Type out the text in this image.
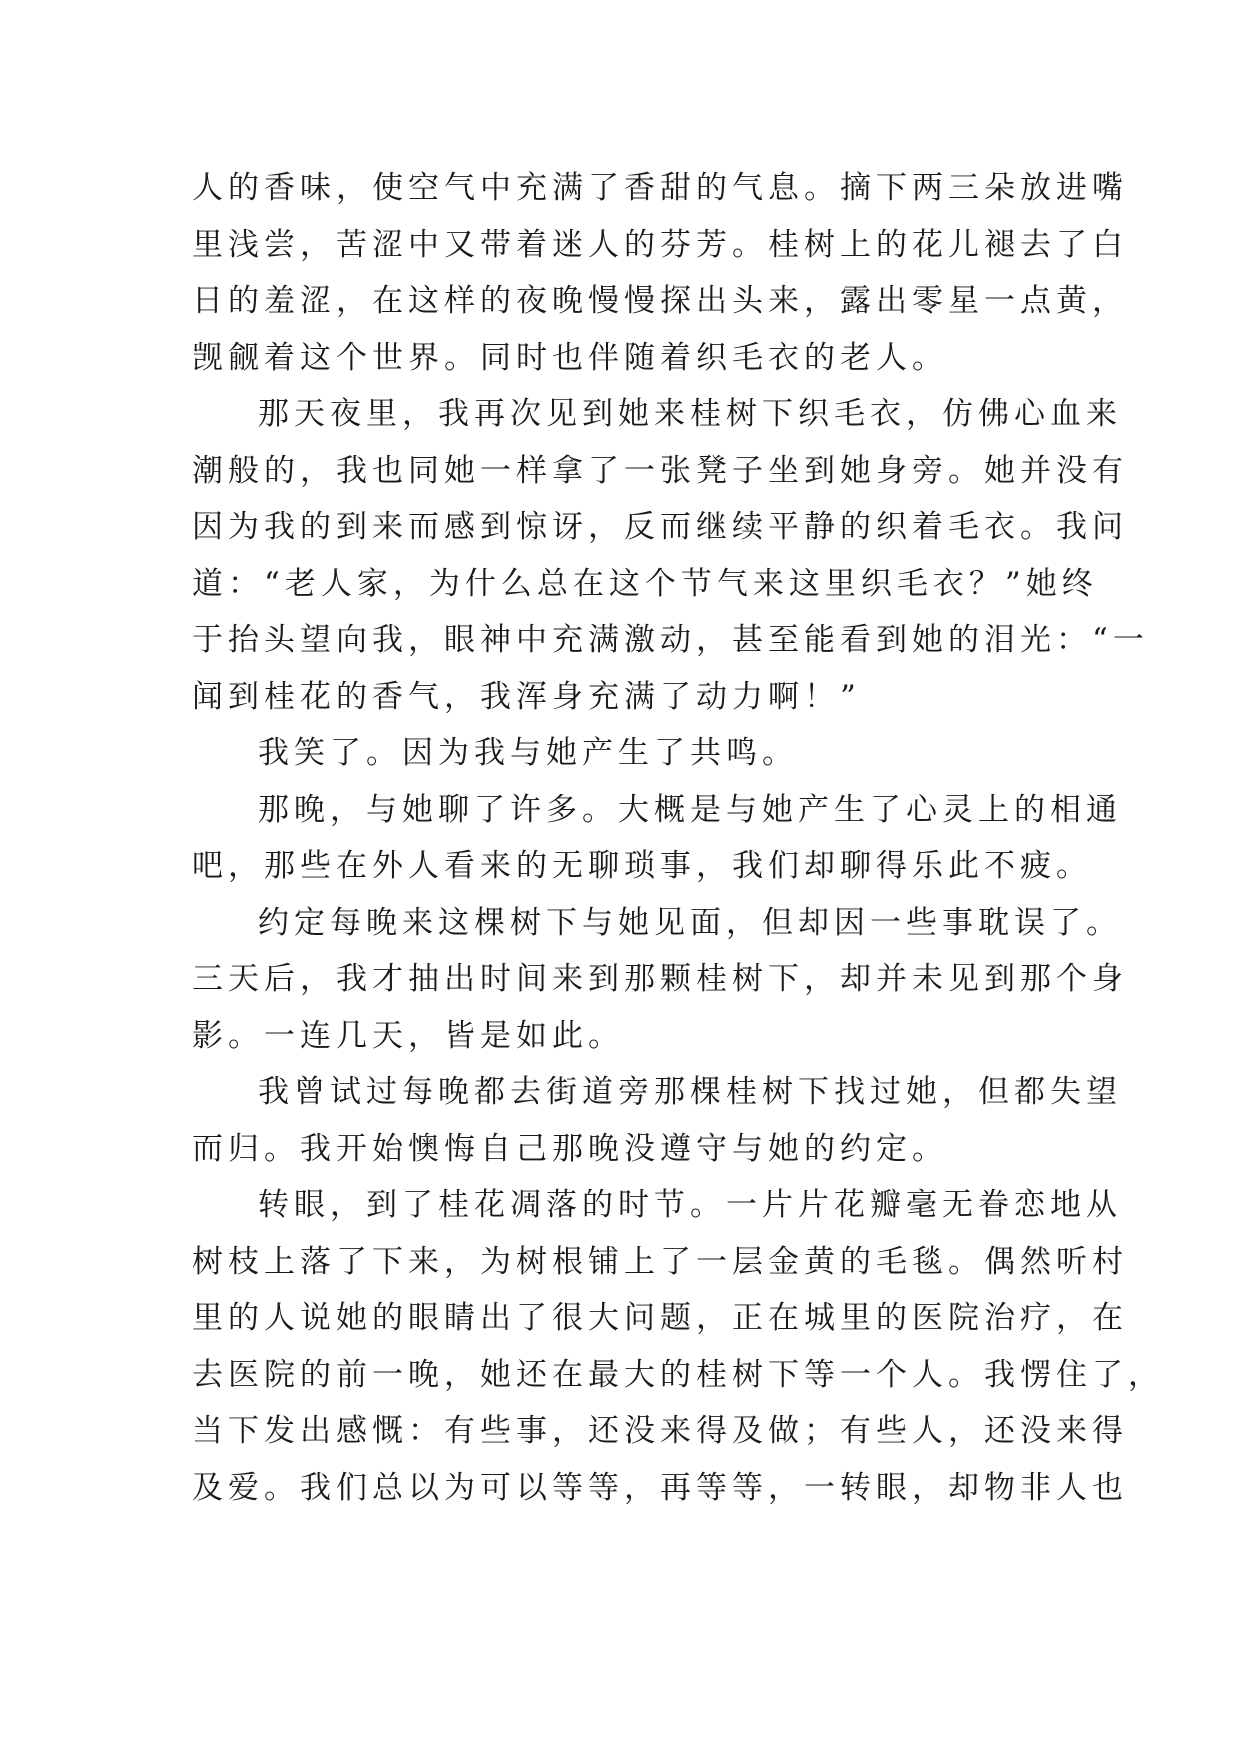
人的香味，使空气中充满了香甜的气息。摘下两三朵放进嘴
里浅尝，苦涩中又带着迷人的芬芳。桂树上的花儿褪去了白
日的羞涩，在这样的夜晚慢慢探出头来，露出零星一点黄，
觊觎着这个世界。同时也伴随着织毛衣的老人。
那天夜里，我再次见到她来桂树下织毛衣，仿佛心血来
潮般的，我也同她一样拿了一张凳子坐到她身旁。她并没有
因为我的到来而感到惊讶，反而继续平静的织着毛衣。我问
道：“老人家，为什么总在这个节气来这里织毛衣？”她终
于抬头望向我，眼神中充满激动，甚至能看到她的泪光：“一
闻到桂花的香气，我浑身充满了动力啊！”
我笑了。因为我与她产生了共鸣。
那晚，与她聊了许多。大概是与她产生了心灵上的相通
吧，那些在外人看来的无聊琐事，我们却聊得乐此不疲。
约定每晚来这棵树下与她见面，但却因一些事耽误了。
三天后，我才抽出时间来到那颗桂树下，却并未见到那个身
影。一连几天，皆是如此。
我曾试过每晚都去街道旁那棵桂树下找过她，但都失望
而归。我开始懊悔自己那晚没遵守与她的约定。
转眼，到了桂花凋落的时节。一片片花瓣毫无眷恋地从
树枝上落了下来，为树根铺上了一层金黄的毛毯。偶然听村
里的人说她的眼睛出了很大问题，正在城里的医院治疗，在
去医院的前一晚，她还在最大的桂树下等一个人。我愣住了，
当下发出感慨：有些事，还没来得及做；有些人，还没来得
及爱。我们总以为可以等等，再等等，一转眼，却物非人也
